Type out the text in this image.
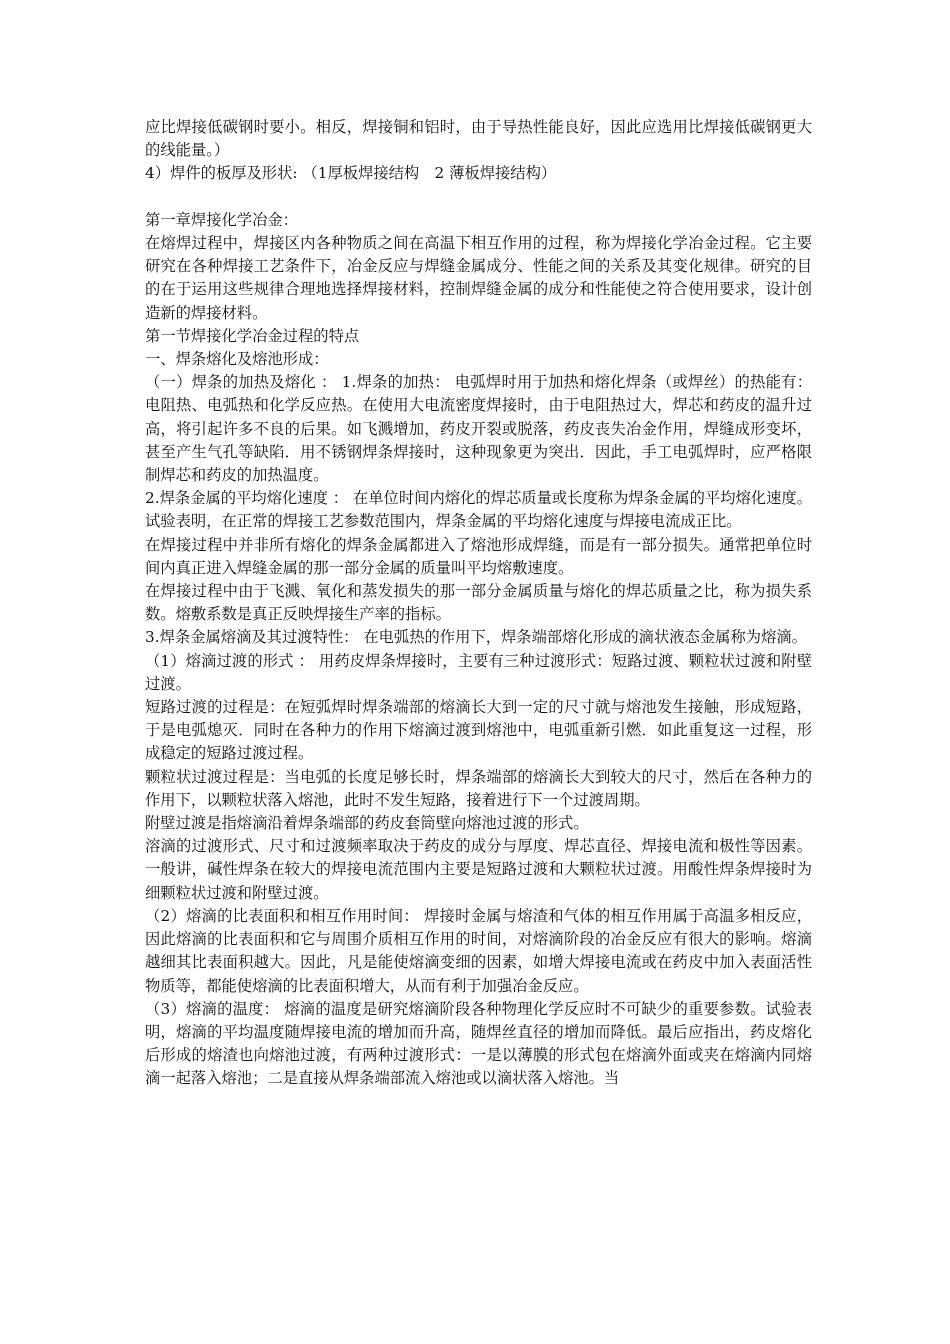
应比焊接低碳钢时要小。相反，焊接铜和铝时，由于导热性能良好，因此应选用比焊接低碳钢更大的线能量。）

4）焊件的板厚及形状: （1厚板焊接结构　2 薄板焊接结构）

第一章焊接化学冶金：

在熔焊过程中，焊接区内各种物质之间在高温下相互作用的过程，称为焊接化学冶金过程。它主要研究在各种焊接工艺条件下，冶金反应与焊缝金属成分、性能之间的关系及其变化规律。研究的目的在于运用这些规律合理地选择焊接材料，控制焊缝金属的成分和性能使之符合使用要求，设计创造新的焊接材料。

第一节焊接化学冶金过程的特点

一、焊条熔化及熔池形成：

（一）焊条的加热及熔化 ： 1.焊条的加热： 电弧焊时用于加热和熔化焊条（或焊丝）的热能有：电阻热、电弧热和化学反应热。在使用大电流密度焊接时，由于电阻热过大，焊芯和药皮的温升过高，将引起许多不良的后果。如飞溅增加，药皮开裂或脱落，药皮丧失冶金作用，焊缝成形变坏，甚至产生气孔等缺陷．用不锈钢焊条焊接时，这种现象更为突出．因此，手工电弧焊时，应严格限制焊芯和药皮的加热温度。

2.焊条金属的平均熔化速度 ： 在单位时间内熔化的焊芯质量或长度称为焊条金属的平均熔化速度。试验表明，在正常的焊接工艺参数范围内，焊条金属的平均熔化速度与焊接电流成正比。

在焊接过程中并非所有熔化的焊条金属都进入了熔池形成焊缝，而是有一部分损失。通常把单位时间内真正进入焊缝金属的那一部分金属的质量叫平均熔敷速度。

在焊接过程中由于飞溅、氧化和蒸发损失的那一部分金属质量与熔化的焊芯质量之比，称为损失系数。熔敷系数是真正反映焊接生产率的指标。

3.焊条金属熔滴及其过渡特性： 在电弧热的作用下，焊条端部熔化形成的滴状液态金属称为熔滴。

（1）熔滴过渡的形式 ： 用药皮焊条焊接时，主要有三种过渡形式：短路过渡、颗粒状过渡和附壁过渡。

短路过渡的过程是：在短弧焊时焊条端部的熔滴长大到一定的尺寸就与熔池发生接触，形成短路，于是电弧熄灭．同时在各种力的作用下熔滴过渡到熔池中，电弧重新引燃．如此重复这一过程，形成稳定的短路过渡过程。

颗粒状过渡过程是：当电弧的长度足够长时，焊条端部的熔滴长大到较大的尺寸，然后在各种力的作用下，以颗粒状落入熔池，此时不发生短路，接着进行下一个过渡周期。

附壁过渡是指熔滴沿着焊条端部的药皮套筒壁向熔池过渡的形式。

溶滴的过渡形式、尺寸和过渡频率取决于药皮的成分与厚度、焊芯直径、焊接电流和极性等因素。一般讲，碱性焊条在较大的焊接电流范围内主要是短路过渡和大颗粒状过渡。用酸性焊条焊接时为细颗粒状过渡和附壁过渡。

（2）熔滴的比表面积和相互作用时间： 焊接时金属与熔渣和气体的相互作用属于高温多相反应，因此熔滴的比表面积和它与周围介质相互作用的时间，对熔滴阶段的冶金反应有很大的影响。熔滴越细其比表面积越大。因此，凡是能使熔滴变细的因素，如增大焊接电流或在药皮中加入表面活性物质等，都能使熔滴的比表面积增大，从而有利于加强冶金反应。

（3）熔滴的温度： 熔滴的温度是研究熔滴阶段各种物理化学反应时不可缺少的重要参数。试验表明，熔滴的平均温度随焊接电流的增加而升高，随焊丝直径的增加而降低。最后应指出，药皮熔化后形成的熔渣也向熔池过渡，有两种过渡形式：一是以薄膜的形式包在熔滴外面或夹在熔滴内同熔滴一起落入熔池；二是直接从焊条端部流入熔池或以滴状落入熔池。当
